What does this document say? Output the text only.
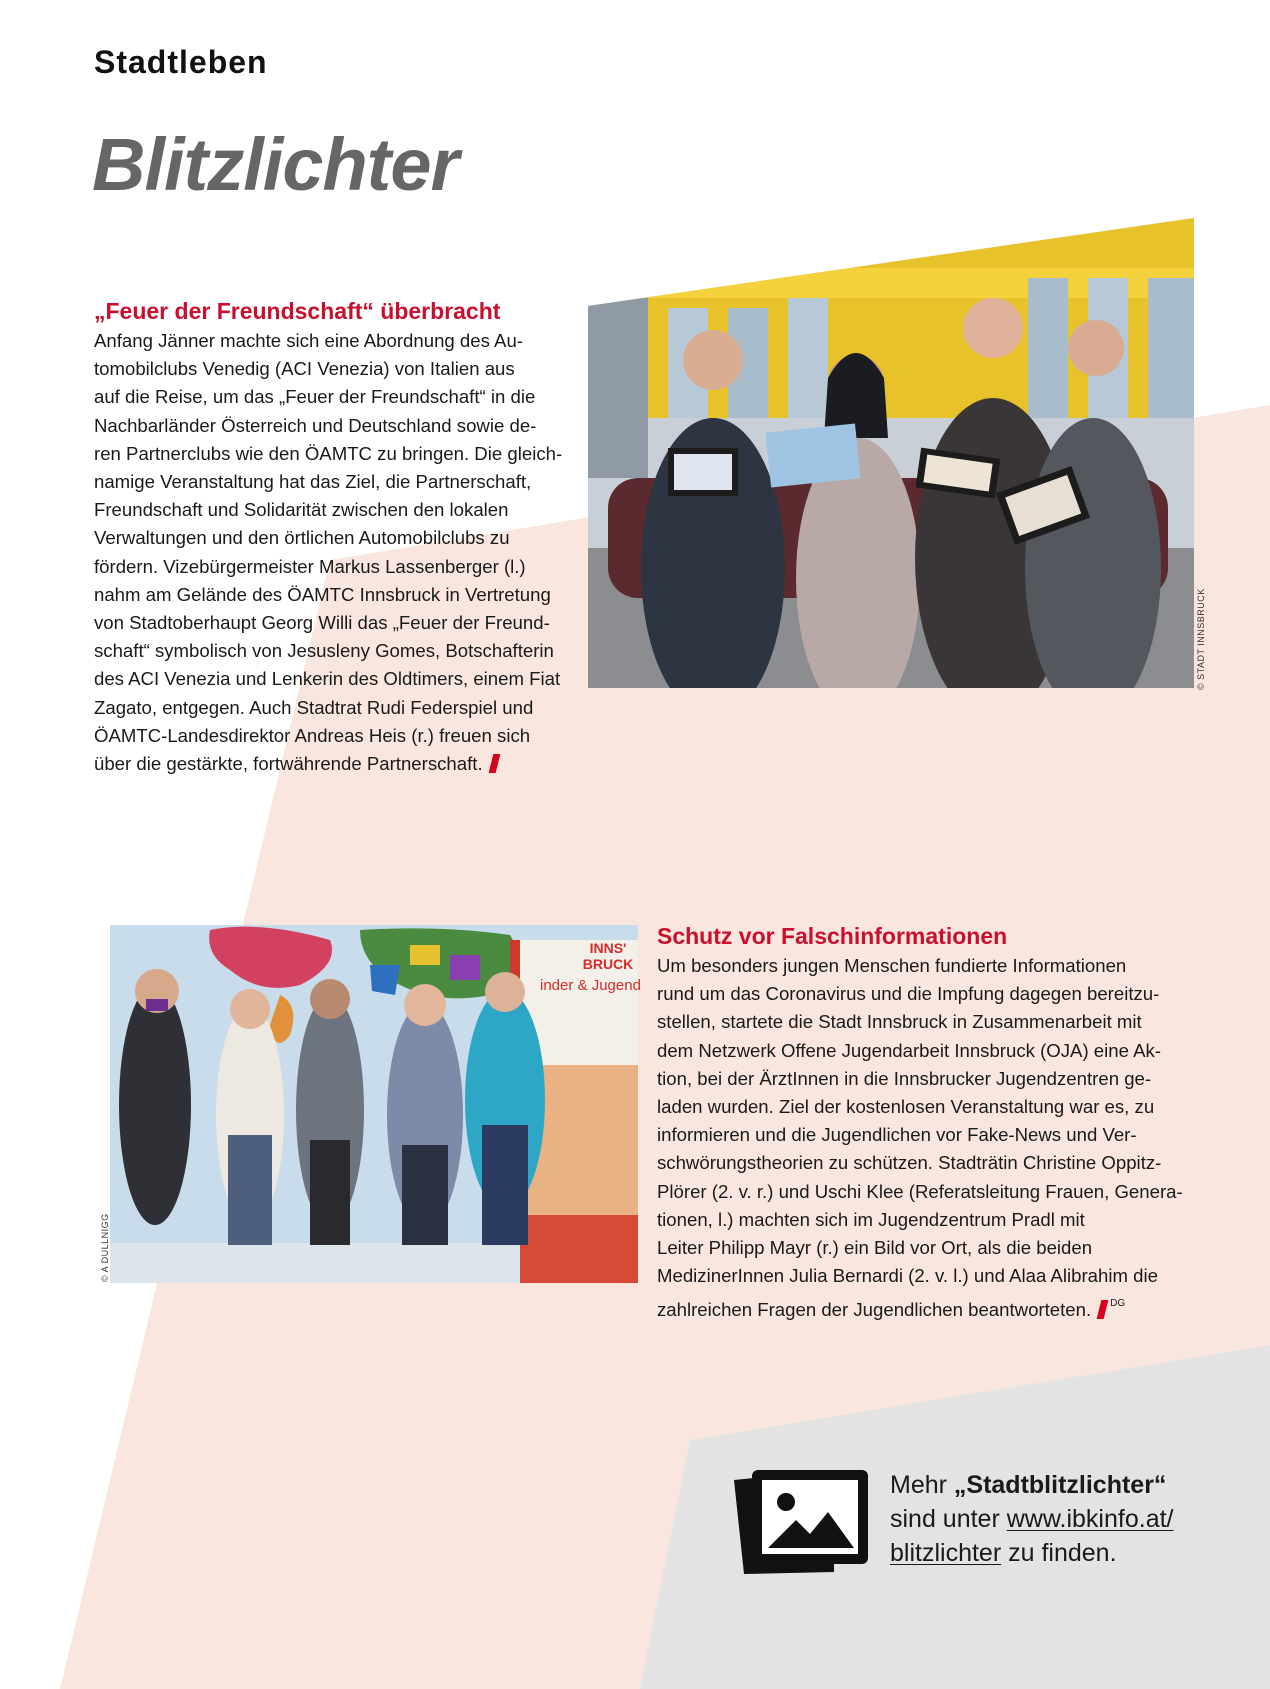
Stadtleben
Blitzlichter
„Feuer der Freundschaft“ überbracht

Anfang Jänner machte sich eine Abordnung des Au-
tomobilclubs Venedig (ACI Venezia) von Italien aus
auf die Reise, um das „Feuer der Freundschaft“ in die
Nachbarländer Österreich und Deutschland sowie de-
ren Partnerclubs wie den ÖAMTC zu bringen. Die gleich-
namige Veranstaltung hat das Ziel, die Partnerschaft,
Freundschaft und Solidarität zwischen den lokalen
Verwaltungen und den örtlichen Automobilclubs zu
fördern. Vizebürgermeister Markus Lassenberger (l.)
nahm am Gelände des ÖAMTC Innsbruck in Vertretung
von Stadtoberhaupt Georg Willi das „Feuer der Freund-
schaft“ symbolisch von Jesusleny Gomes, Botschafterin
des ACI Venezia und Lenkerin des Oldtimers, einem Fiat
Zagato, entgegen. Auch Stadtrat Rudi Federspiel und
ÖAMTC-Landesdirektor Andreas Heis (r.) freuen sich
über die gestärkte, fortwährende Partnerschaft.

© STADT INNSBRUCK
INNS'
BRUCK
inder & Jugend
© A DULLNIGG
Schutz vor Falschinformationen

Um besonders jungen Menschen fundierte Informationen
rund um das Coronavirus und die Impfung dagegen bereitzu-
stellen, startete die Stadt Innsbruck in Zusammenarbeit mit
dem Netzwerk Offene Jugendarbeit Innsbruck (OJA) eine Ak-
tion, bei der ÄrztInnen in die Innsbrucker Jugendzentren ge-
laden wurden. Ziel der kostenlosen Veranstaltung war es, zu
informieren und die Jugendlichen vor Fake-News und Ver-
schwörungstheorien zu schützen. Stadträtin Christine Oppitz-
Plörer (2. v. r.) und Uschi Klee (Referatsleitung Frauen, Genera-
tionen, l.) machten sich im Jugendzentrum Pradl mit
Leiter Philipp Mayr (r.) ein Bild vor Ort, als die beiden
MedizinerInnen Julia Bernardi (2. v. l.) und Alaa Alibrahim die
zahlreichen Fragen der Jugendlichen beantworteten. $^{DG}$

Mehr „Stadtblitzlichter“
sind unter www.ibkinfo.at/
blitzlichter zu finden.
